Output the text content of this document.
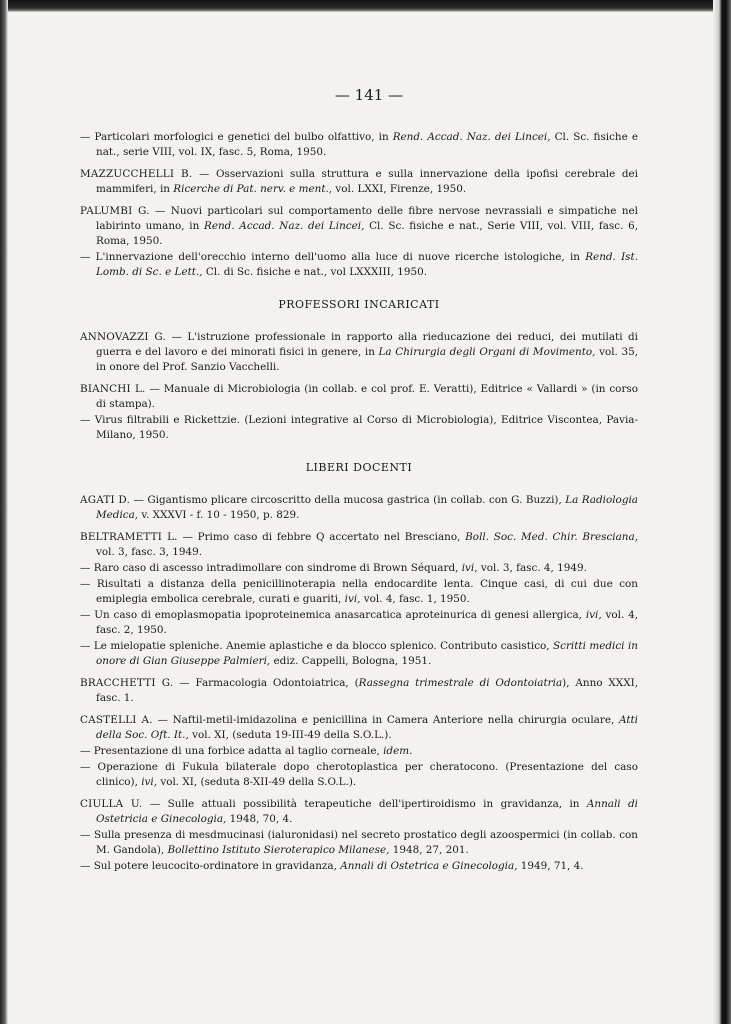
— 141 —

— Particolari morfologici e genetici del bulbo olfattivo, in Rend. Accad. Naz. dei Lincei, Cl. Sc. fisiche e nat., serie VIII, vol. IX, fasc. 5, Roma, 1950.

MAZZUCCHELLI B. — Osservazioni sulla struttura e sulla innervazione della ipofisi cerebrale dei mammiferi, in Ricerche di Pat. nerv. e ment., vol. LXXI, Firenze, 1950.

PALUMBI G. — Nuovi particolari sul comportamento delle fibre nervose nevrassiali e simpatiche nel labirinto umano, in Rend. Accad. Naz. dei Lincei, Cl. Sc. fisiche e nat., Serie VIII, vol. VIII, fasc. 6, Roma, 1950.

— L'innervazione dell'orecchio interno dell'uomo alla luce di nuove ricerche istologiche, in Rend. Ist. Lomb. di Sc. e Lett., Cl. di Sc. fisiche e nat., vol LXXXIII, 1950.

PROFESSORI INCARICATI

ANNOVAZZI G. — L'istruzione professionale in rapporto alla rieducazione dei reduci, dei mutilati di guerra e del lavoro e dei minorati fisici in genere, in La Chirurgia degli Organi di Movimento, vol. 35, in onore del Prof. Sanzio Vacchelli.

BIANCHI L. — Manuale di Microbiologia (in collab. e col prof. E. Veratti), Editrice « Vallardi » (in corso di stampa).

— Virus filtrabili e Rickettzie. (Lezioni integrative al Corso di Microbiologia), Editrice Viscontea, Pavia-Milano, 1950.

LIBERI DOCENTI

AGATI D. — Gigantismo plicare circoscritto della mucosa gastrica (in collab. con G. Buzzi), La Radiologia Medica, v. XXXVI - f. 10 - 1950, p. 829.

BELTRAMETTI L. — Primo caso di febbre Q accertato nel Bresciano, Boll. Soc. Med. Chir. Bresciana, vol. 3, fasc. 3, 1949.

— Raro caso di ascesso intradimollare con sindrome di Brown Séquard, ivi, vol. 3, fasc. 4, 1949.

— Risultati a distanza della penicillinoterapia nella endocardite lenta. Cinque casi, di cui due con emiplegia embolica cerebrale, curati e guariti, ivi, vol. 4, fasc. 1, 1950.

— Un caso di emoplasmopatia ipoproteinemica anasarcatica aproteinurica di genesi allergica, ivi, vol. 4, fasc. 2, 1950.

— Le mielopatie spleniche. Anemie aplastiche e da blocco splenico. Contributo casistico, Scritti medici in onore di Gian Giuseppe Palmieri, ediz. Cappelli, Bologna, 1951.

BRACCHETTI G. — Farmacologia Odontoiatrica, (Rassegna trimestrale di Odontoiatria), Anno XXXI, fasc. 1.

CASTELLI A. — Naftil-metil-imidazolina e penicillina in Camera Anteriore nella chirurgia oculare, Atti della Soc. Oft. It., vol. XI, (seduta 19-III-49 della S.O.L.).

— Presentazione di una forbice adatta al taglio corneale, idem.

— Operazione di Fukula bilaterale dopo cherotoplastica per cheratocono. (Presentazione del caso clinico), ivi, vol. XI, (seduta 8-XII-49 della S.O.L.).

CIULLA U. — Sulle attuali possibilità terapeutiche dell'ipertiroidismo in gravidanza, in Annali di Ostetricia e Ginecologia, 1948, 70, 4.

— Sulla presenza di mesdmucinasi (ialuronidasi) nel secreto prostatico degli azoospermici (in collab. con M. Gandola), Bollettino Istituto Sieroterapico Milanese, 1948, 27, 201.

— Sul potere leucocito-ordinatore in gravidanza, Annali di Ostetrica e Ginecologia, 1949, 71, 4.
